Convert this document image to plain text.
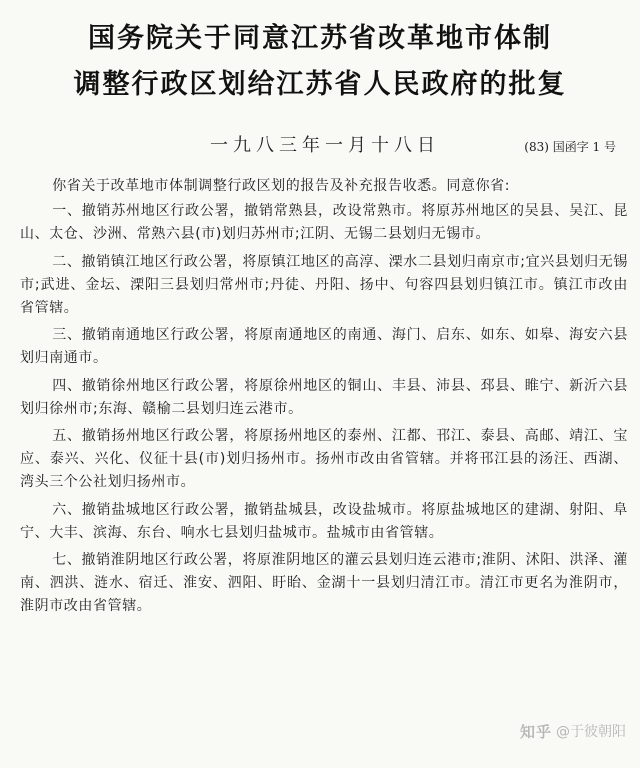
国务院关于同意江苏省改革地市体制
调整行政区划给江苏省人民政府的批复
一九八三年一月十八日	(83) 国函字 1 号

你省关于改革地市体制调整行政区划的报告及补充报告收悉。同意你省:

一、撤销苏州地区行政公署，撤销常熟县，改设常熟市。将原苏州地区的吴县、吴江、昆山、太仓、沙洲、常熟六县(市)划归苏州市;江阴、无锡二县划归无锡市。

二、撤销镇江地区行政公署，将原镇江地区的高淳、溧水二县划归南京市;宜兴县划归无锡市;武进、金坛、溧阳三县划归常州市;丹徒、丹阳、扬中、句容四县划归镇江市。镇江市改由省管辖。

三、撤销南通地区行政公署，将原南通地区的南通、海门、启东、如东、如皋、海安六县划归南通市。

四、撤销徐州地区行政公署，将原徐州地区的铜山、丰县、沛县、邳县、睢宁、新沂六县划归徐州市;东海、赣榆二县划归连云港市。

五、撤销扬州地区行政公署，将原扬州地区的泰州、江都、邗江、泰县、高邮、靖江、宝应、泰兴、兴化、仪征十县(市)划归扬州市。扬州市改由省管辖。并将邗江县的汤汪、西湖、湾头三个公社划归扬州市。

六、撤销盐城地区行政公署，撤销盐城县，改设盐城市。将原盐城地区的建湖、射阳、阜宁、大丰、滨海、东台、响水七县划归盐城市。盐城市由省管辖。

七、撤销淮阴地区行政公署，将原淮阴地区的灌云县划归连云港市;淮阴、沭阳、洪泽、灌南、泗洪、涟水、宿迁、淮安、泗阳、盱眙、金湖十一县划归清江市。清江市更名为淮阴市，淮阴市改由省管辖。

知乎 @于彼朝阳
